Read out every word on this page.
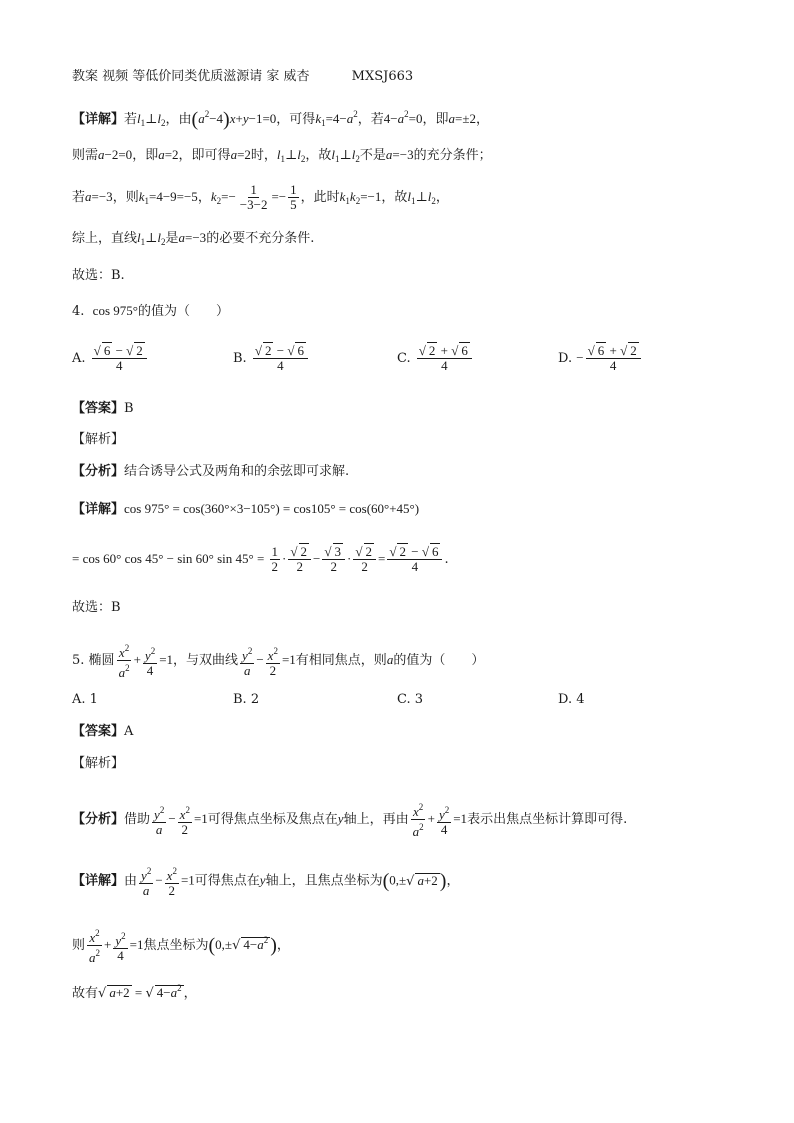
教案 视频 等低价同类优质滋源请 家 威杏	MXSJ663
【详解】若$l_1\perp l_2$，由$(a^2-4)x+y-1=0$，可得$k_1=4-a^2$，若$4-a^2=0$，即a=±2，
则需a−2=0，即a=2，即可得a=2时，$l_1\perp l_2$，故$l_1\perp l_2$不是a=−3的充分条件；
若a=−3，则$k_1=4-9=-5$，$k_2=- \frac{1}{-3-2} =- \frac{1}{5}$ ，此时$k_1k_2=-1$，故$l_1\perp l_2$，
综上，直线$l_1\perp l_2$是a=−3的必要不充分条件.
故选：B.
4. cos 975°的值为（　　）
A. √ $\frac{6 - √ 2}{4}$	B. √ $\frac{2 - √ 6}{4}$	C. √ $\frac{2 + √ 6}{4}$	D. − √ $\frac{6 + √ 2}{4}$
【答案】B
【解析】
【分析】结合诱导公式及两角和的余弦即可求解.
【详解】cos 975° = cos(360°×3−105°) = cos105° = cos(60°+45°)
= cos 60° cos 45° − sin 60° $\sin 45^\circ = \frac{1}{2}$ · √ $\frac{2}{2}$ − √ $\frac{3}{2}$ · √ $\frac{2}{2}$ = √ $\frac{2 - √ 6}{4}$ .
故选：B
5. 椭圆 $\frac{x^2}{a^2} + \frac{y^2}{4} =1$，与双曲线 $\frac{y^2}{a} - \frac{x^2}{2} =1$有相同焦点，则a的值为（　　）
A. 1	B. 2	C. 3	D. 4
【答案】A
【解析】
【分析】借助 $\frac{y^2}{a} - \frac{x^2}{2} =1$可得焦点坐标及焦点在y轴上，再由 $\frac{x^2}{a^2} + \frac{y^2}{4} =1$表示出焦点坐标计算即可得.
【详解】由 $\frac{y^2}{a} - \frac{x^2}{2} =1$可得焦点在y轴上，且焦点坐标为(0,± √ a+2 )，
则 $\frac{x^2}{a^2} + \frac{y^2}{4} =1$焦点坐标为(0,± √ $4-a^2$ )，
故有 √ a+2 = √ $4-a^2$ ，
